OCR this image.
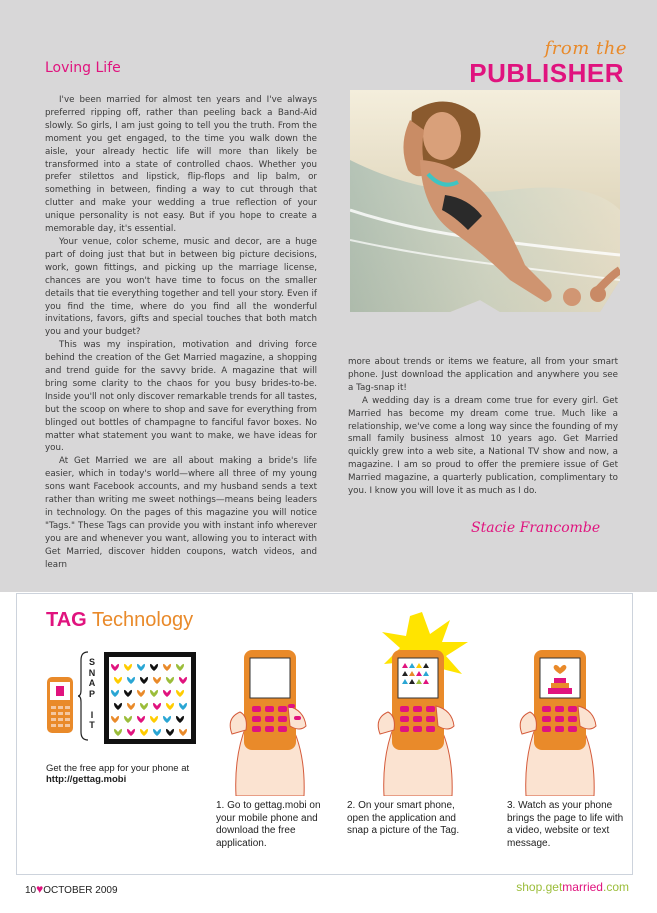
from the
PUBLISHER
Loving Life

I've been married for almost ten years and I've always preferred ripping off, rather than peeling back a Band-Aid slowly. So girls, I am just going to tell you the truth. From the moment you get engaged, to the time you walk down the aisle, your already hectic life will more than likely be transformed into a state of controlled chaos. Whether you prefer stilettos and lipstick, flip-flops and lip balm, or something in between, finding a way to cut through that clutter and make your wedding a true reflection of your unique personality is not easy. But if you hope to create a memorable day, it's essential.

Your venue, color scheme, music and decor, are a huge part of doing just that but in between big picture decisions, work, gown fittings, and picking up the marriage license, chances are you won't have time to focus on the smaller details that tie everything together and tell your story. Even if you find the time, where do you find all the wonderful invitations, favors, gifts and special touches that both match you and your budget?

This was my inspiration, motivation and driving force behind the creation of the Get Married magazine, a shopping and trend guide for the savvy bride. A magazine that will bring some clarity to the chaos for you busy brides-to-be. Inside you'll not only discover remarkable trends for all tastes, but the scoop on where to shop and save for everything from blinged out bottles of champagne to fanciful favor boxes. No matter what statement you want to make, we have ideas for you.

At Get Married we are all about making a bride's life easier, which in today's world—where all three of my young sons want Facebook accounts, and my husband sends a text rather than writing me sweet nothings—means being leaders in technology. On the pages of this magazine you will notice "Tags." These Tags can provide you with instant info wherever you are and whenever you want, allowing you to interact with Get Married, discover hidden coupons, watch videos, and learn

more about trends or items we feature, all from your smart phone. Just download the application and anywhere you see a Tag-snap it!

A wedding day is a dream come true for every girl. Get Married has become my dream come true. Much like a relationship, we've come a long way since the founding of my small family business almost 10 years ago. Get Married quickly grew into a web site, a National TV show and now, a magazine. I am so proud to offer the premiere issue of Get Married magazine, a quarterly publication, complimentary to you. I know you will love it as much as I do.

Stacie Francombe
TAG Technology
S
N
A
P

I
T
Get the free app for your phone at
http://gettag.mobi
1. Go to gettag.mobi on your mobile phone and download the free application.
2. On your smart phone, open the application and snap a picture of the Tag.
3. Watch as your phone brings the page to life with a video, website or text message.
10♥OCTOBER 2009	shop.getmarried.com
